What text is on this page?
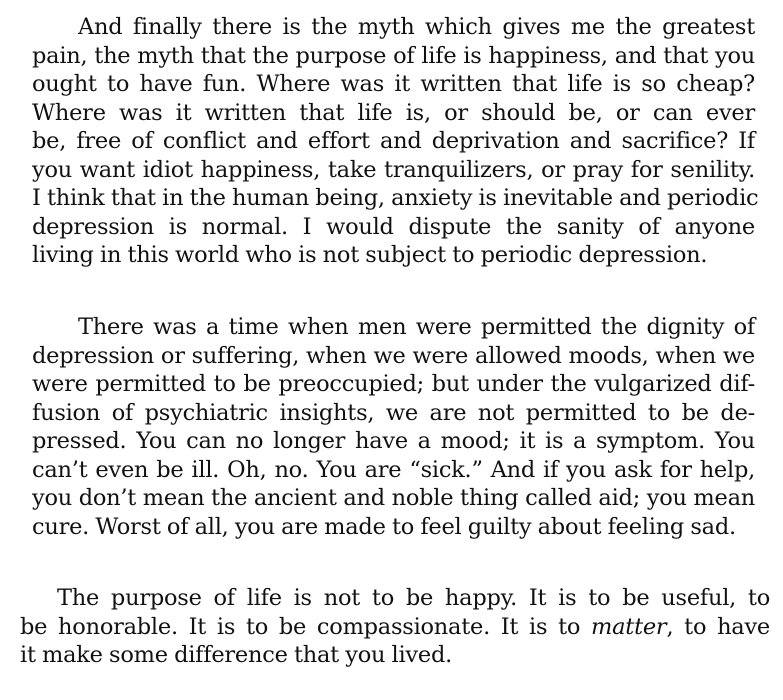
And finally there is the myth which gives me the greatest
pain, the myth that the purpose of life is happiness, and that you
ought to have fun. Where was it written that life is so cheap?
Where was it written that life is, or should be, or can ever
be, free of conflict and effort and deprivation and sacrifice? If
you want idiot happiness, take tranquilizers, or pray for senility.
I think that in the human being, anxiety is inevitable and periodic
depression is normal. I would dispute the sanity of anyone
living in this world who is not subject to periodic depression.
There was a time when men were permitted the dignity of
depression or suffering, when we were allowed moods, when we
were permitted to be preoccupied; but under the vulgarized dif-
fusion of psychiatric insights, we are not permitted to be de-
pressed. You can no longer have a mood; it is a symptom. You
can’t even be ill. Oh, no. You are “sick.” And if you ask for help,
you don’t mean the ancient and noble thing called aid; you mean
cure. Worst of all, you are made to feel guilty about feeling sad.
The purpose of life is not to be happy. It is to be useful, to
be honorable. It is to be compassionate. It is to matter, to have
it make some difference that you lived.
